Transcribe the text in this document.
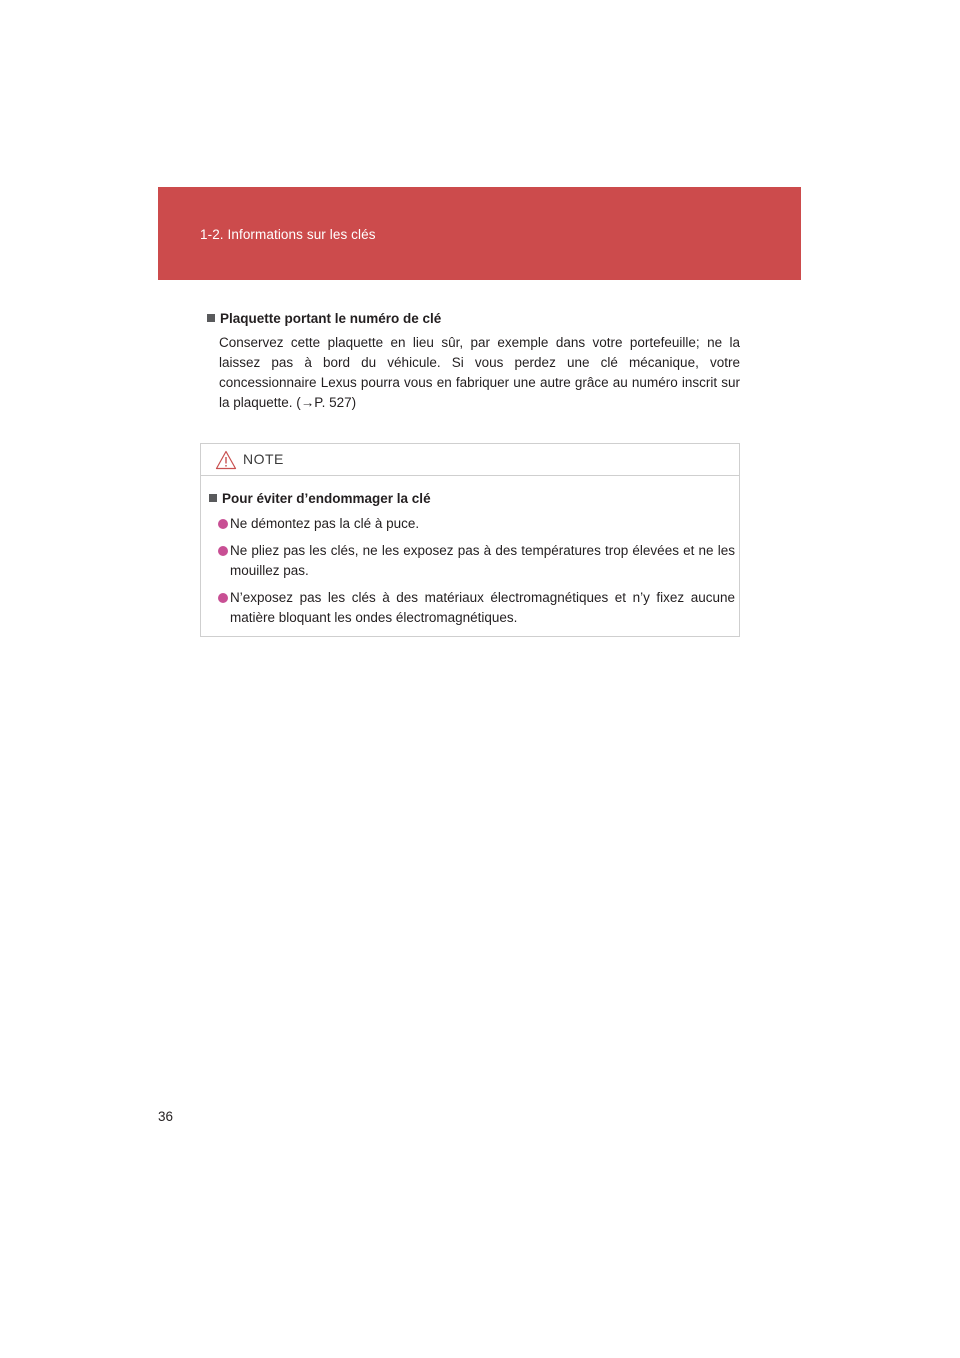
1-2. Informations sur les clés
Plaquette portant le numéro de clé
Conservez cette plaquette en lieu sûr, par exemple dans votre portefeuille; ne la laissez pas à bord du véhicule. Si vous perdez une clé mécanique, votre concessionnaire Lexus pourra vous en fabriquer une autre grâce au numéro inscrit sur la plaquette. (→P. 527)
NOTE
Pour éviter d’endommager la clé
Ne démontez pas la clé à puce.
Ne pliez pas les clés, ne les exposez pas à des températures trop élevées et ne les mouillez pas.
N’exposez pas les clés à des matériaux électromagnétiques et n’y fixez aucune matière bloquant les ondes électromagnétiques.
36
